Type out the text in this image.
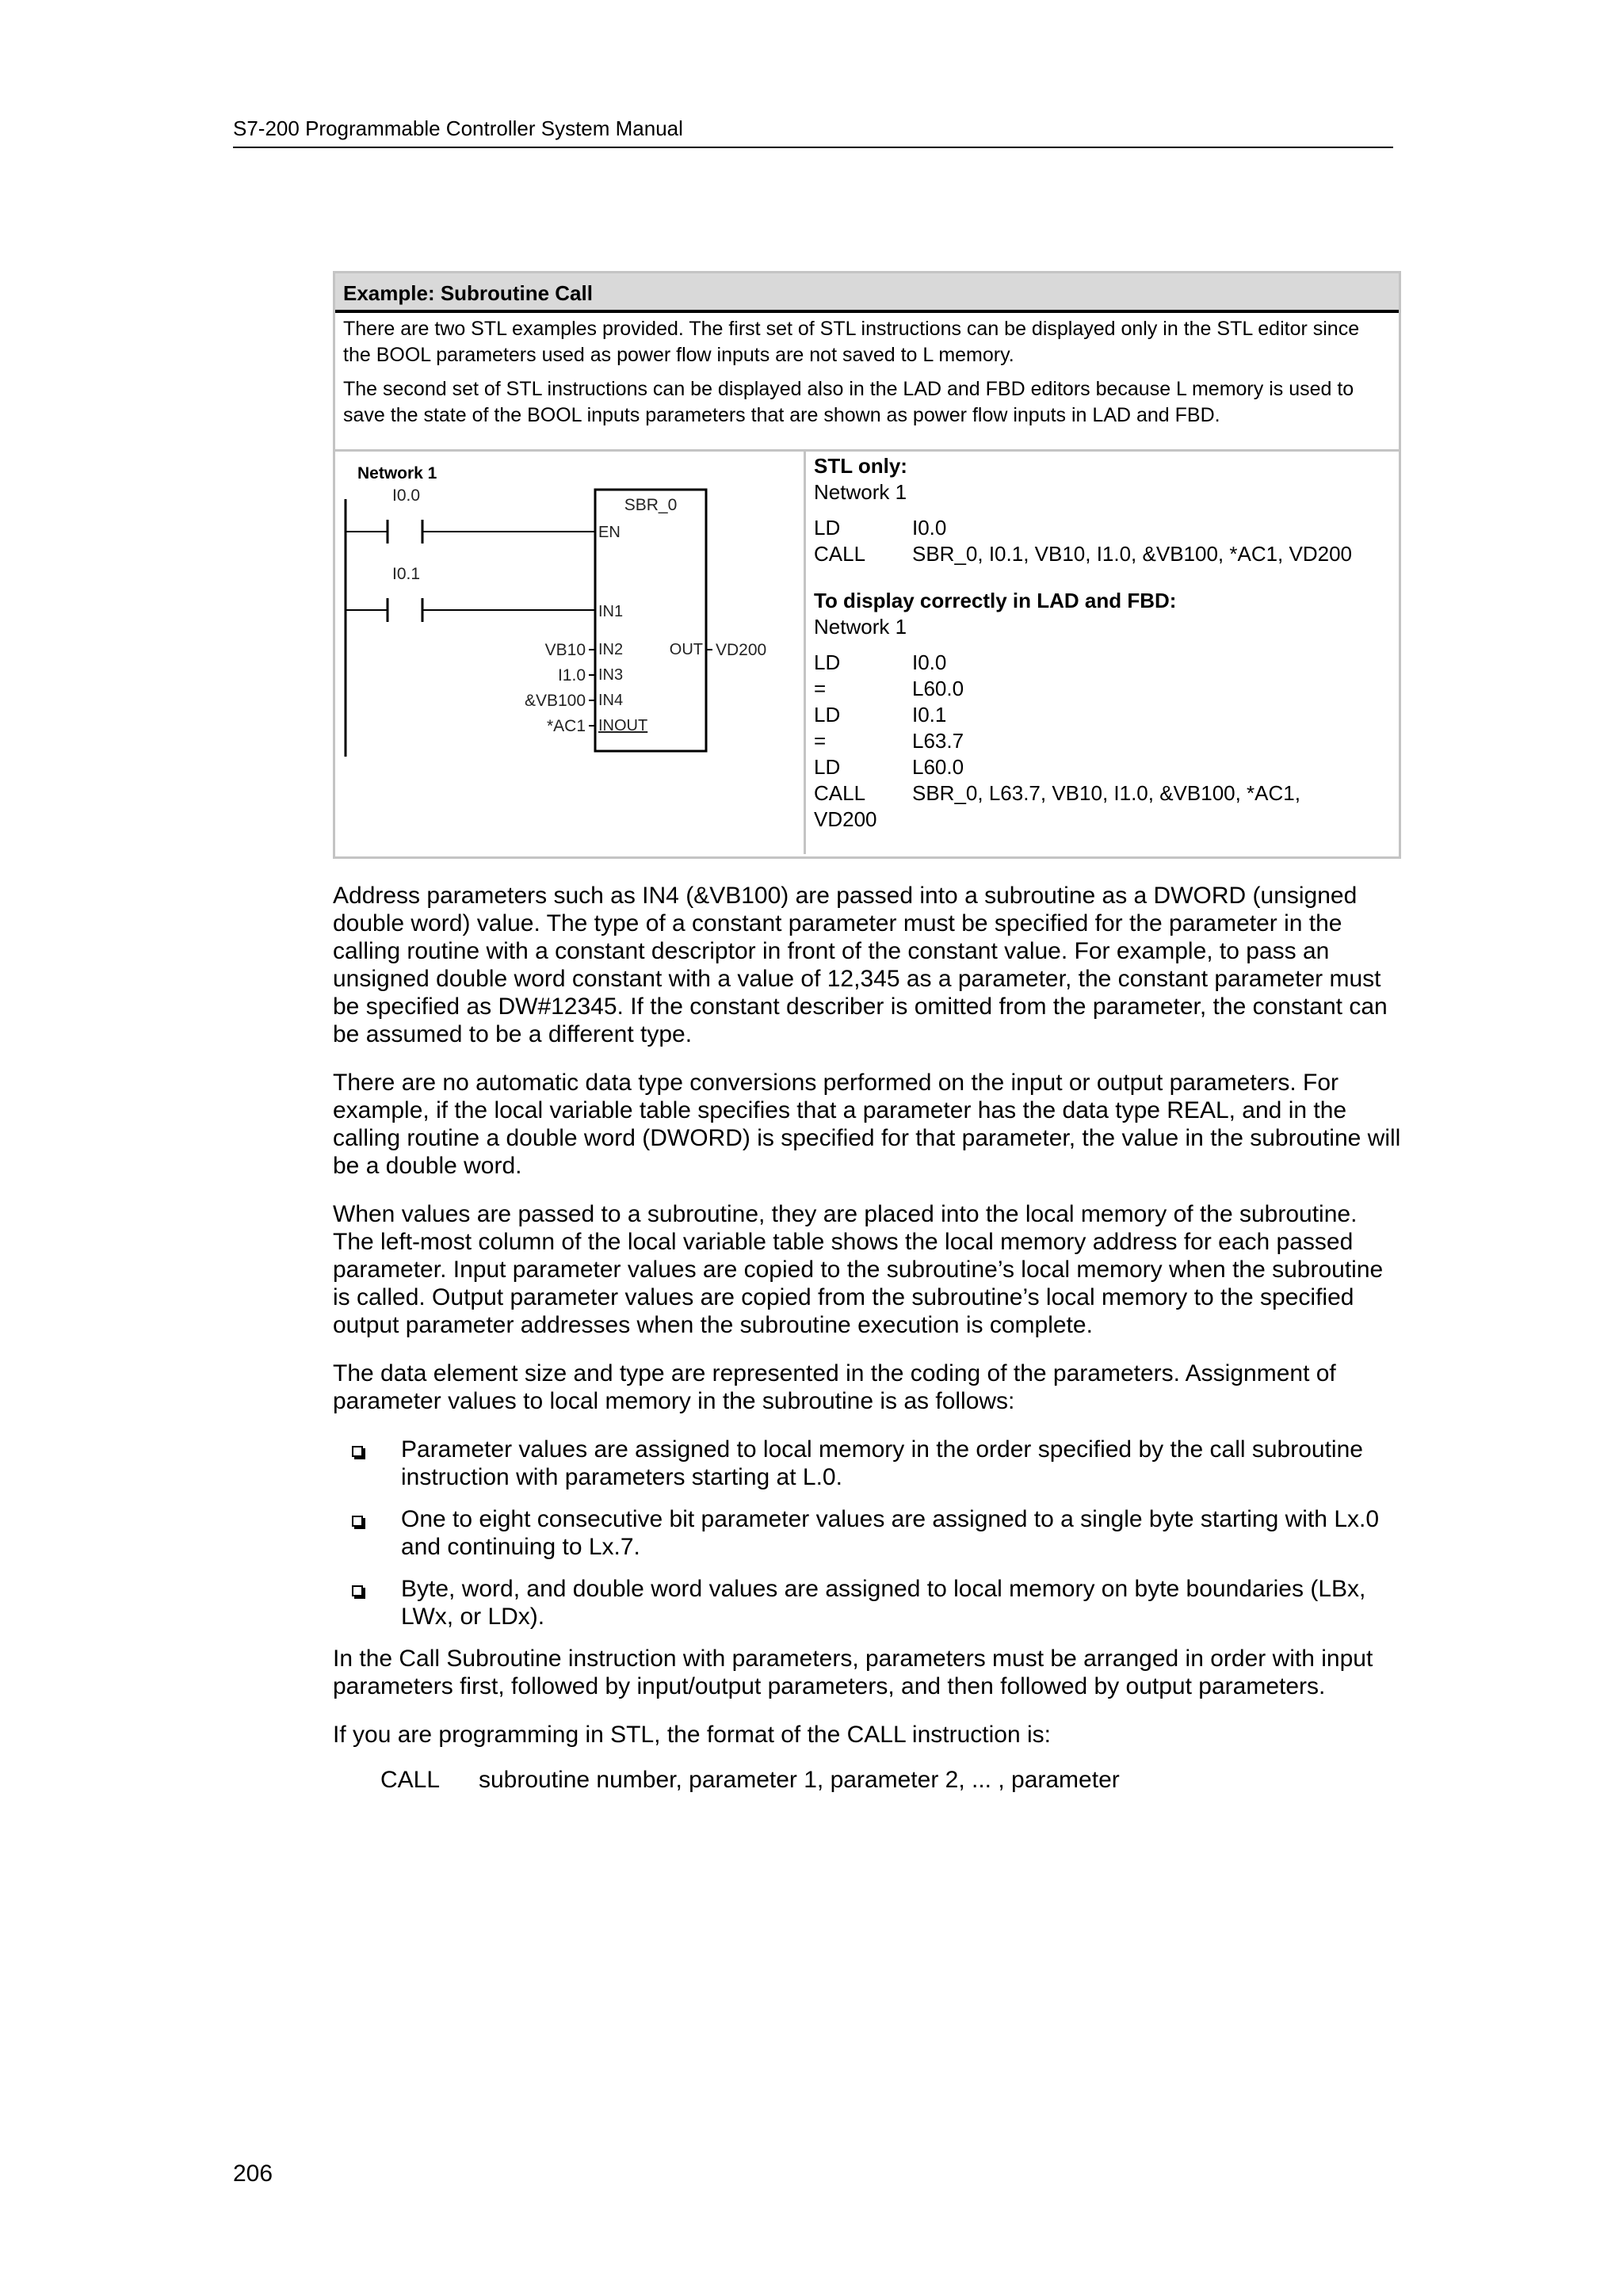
S7-200 Programmable Controller System Manual
Example: Subroutine Call

There are two STL examples provided. The first set of STL instructions can be displayed only in the STL editor since the BOOL parameters used as power flow inputs are not saved to L memory.

The second set of STL instructions can be displayed also in the LAD and FBD editors because L memory is used to save the state of the BOOL inputs parameters that are shown as power flow inputs in LAD and FBD.

Network 1
I0.0
I0.1
SBR_0
EN
IN1
IN2
IN3
IN4
INOUT
OUT
VB10
I1.0
&VB100
*AC1
VD200
STL only:
Network 1
LD	I0.0
CALL	SBR_0, I0.1, VB10, I1.0, &VB100, *AC1, VD200
To display correctly in LAD and FBD:
Network 1
LD	I0.0
=	L60.0
LD	I0.1
=	L63.7
LD	L60.0
CALL	SBR_0, L63.7, VB10, I1.0, &VB100, *AC1,
VD200

Address parameters such as IN4 (&VB100) are passed into a subroutine as a DWORD (unsigned double word) value. The type of a constant parameter must be specified for the parameter in the calling routine with a constant descriptor in front of the constant value. For example, to pass an unsigned double word constant with a value of 12,345 as a parameter, the constant parameter must be specified as DW#12345. If the constant describer is omitted from the parameter, the constant can be assumed to be a different type.

There are no automatic data type conversions performed on the input or output parameters. For example, if the local variable table specifies that a parameter has the data type REAL, and in the calling routine a double word (DWORD) is specified for that parameter, the value in the subroutine will be a double word.

When values are passed to a subroutine, they are placed into the local memory of the subroutine. The left-most column of the local variable table shows the local memory address for each passed parameter. Input parameter values are copied to the subroutine’s local memory when the subroutine is called. Output parameter values are copied from the subroutine’s local memory to the specified output parameter addresses when the subroutine execution is complete.

The data element size and type are represented in the coding of the parameters. Assignment of parameter values to local memory in the subroutine is as follows:

Parameter values are assigned to local memory in the order specified by the call subroutine instruction with parameters starting at L.0.
One to eight consecutive bit parameter values are assigned to a single byte starting with Lx.0 and continuing to Lx.7.
Byte, word, and double word values are assigned to local memory on byte boundaries (LBx, LWx, or LDx).

In the Call Subroutine instruction with parameters, parameters must be arranged in order with input parameters first, followed by input/output parameters, and then followed by output parameters.

If you are programming in STL, the format of the CALL instruction is:

CALL	subroutine number, parameter 1, parameter 2, ... , parameter
206
